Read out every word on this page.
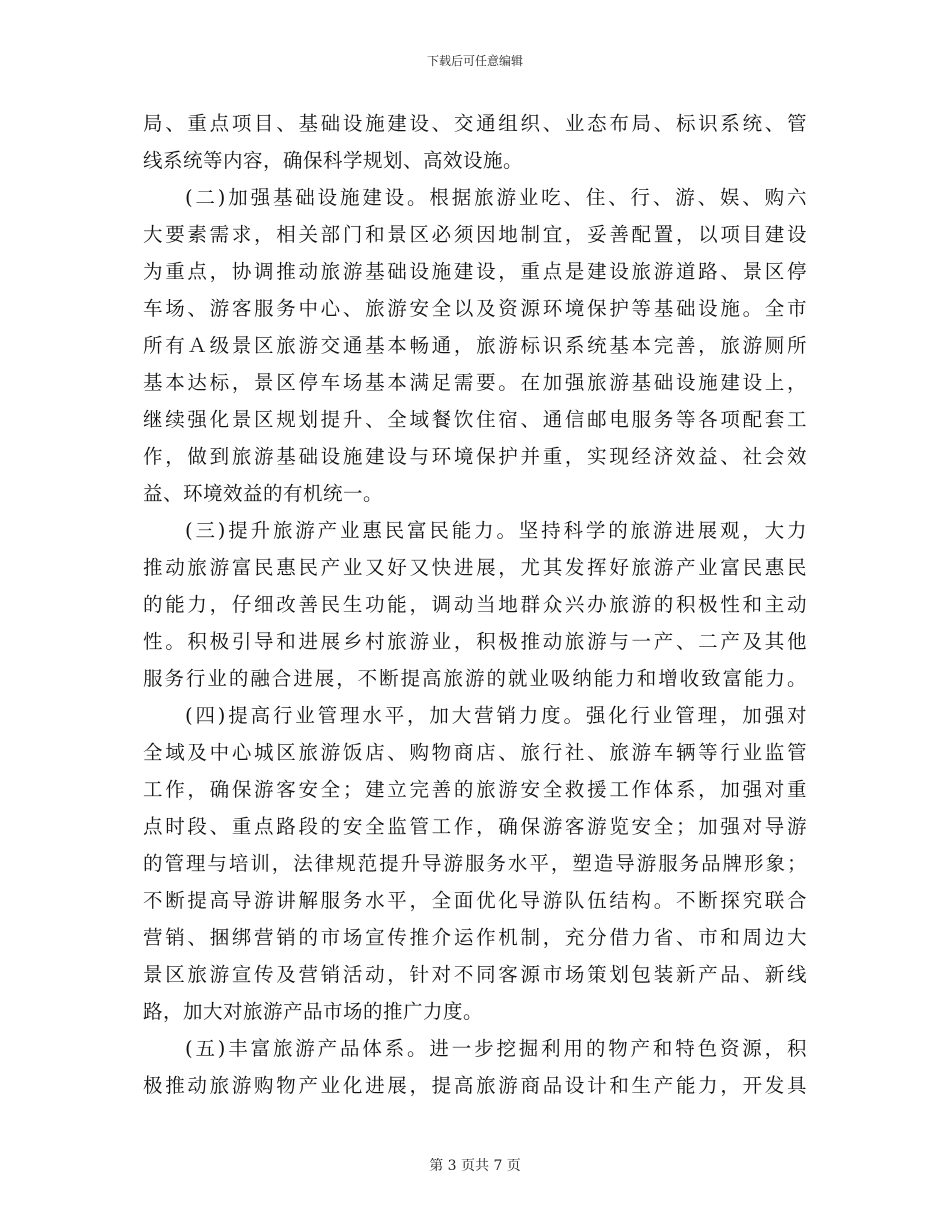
下载后可任意编辑
局、重点项目、基础设施建设、交通组织、业态布局、标识系统、管
线系统等内容，确保科学规划、高效设施。
(二)加强基础设施建设。根据旅游业吃、住、行、游、娱、购六
大要素需求，相关部门和景区必须因地制宜，妥善配置，以项目建设
为重点，协调推动旅游基础设施建设，重点是建设旅游道路、景区停
车场、游客服务中心、旅游安全以及资源环境保护等基础设施。全市
所有Ａ级景区旅游交通基本畅通，旅游标识系统基本完善，旅游厕所
基本达标，景区停车场基本满足需要。在加强旅游基础设施建设上，
继续强化景区规划提升、全域餐饮住宿、通信邮电服务等各项配套工
作，做到旅游基础设施建设与环境保护并重，实现经济效益、社会效
益、环境效益的有机统一。
(三)提升旅游产业惠民富民能力。坚持科学的旅游进展观，大力
推动旅游富民惠民产业又好又快进展，尤其发挥好旅游产业富民惠民
的能力，仔细改善民生功能，调动当地群众兴办旅游的积极性和主动
性。积极引导和进展乡村旅游业，积极推动旅游与一产、二产及其他
服务行业的融合进展，不断提高旅游的就业吸纳能力和增收致富能力。
(四)提高行业管理水平，加大营销力度。强化行业管理，加强对
全域及中心城区旅游饭店、购物商店、旅行社、旅游车辆等行业监管
工作，确保游客安全；建立完善的旅游安全救援工作体系，加强对重
点时段、重点路段的安全监管工作，确保游客游览安全；加强对导游
的管理与培训，法律规范提升导游服务水平，塑造导游服务品牌形象；
不断提高导游讲解服务水平，全面优化导游队伍结构。不断探究联合
营销、捆绑营销的市场宣传推介运作机制，充分借力省、市和周边大
景区旅游宣传及营销活动，针对不同客源市场策划包装新产品、新线
路，加大对旅游产品市场的推广力度。
(五)丰富旅游产品体系。进一步挖掘利用的物产和特色资源，积
极推动旅游购物产业化进展，提高旅游商品设计和生产能力，开发具
第 3 页共 7 页
